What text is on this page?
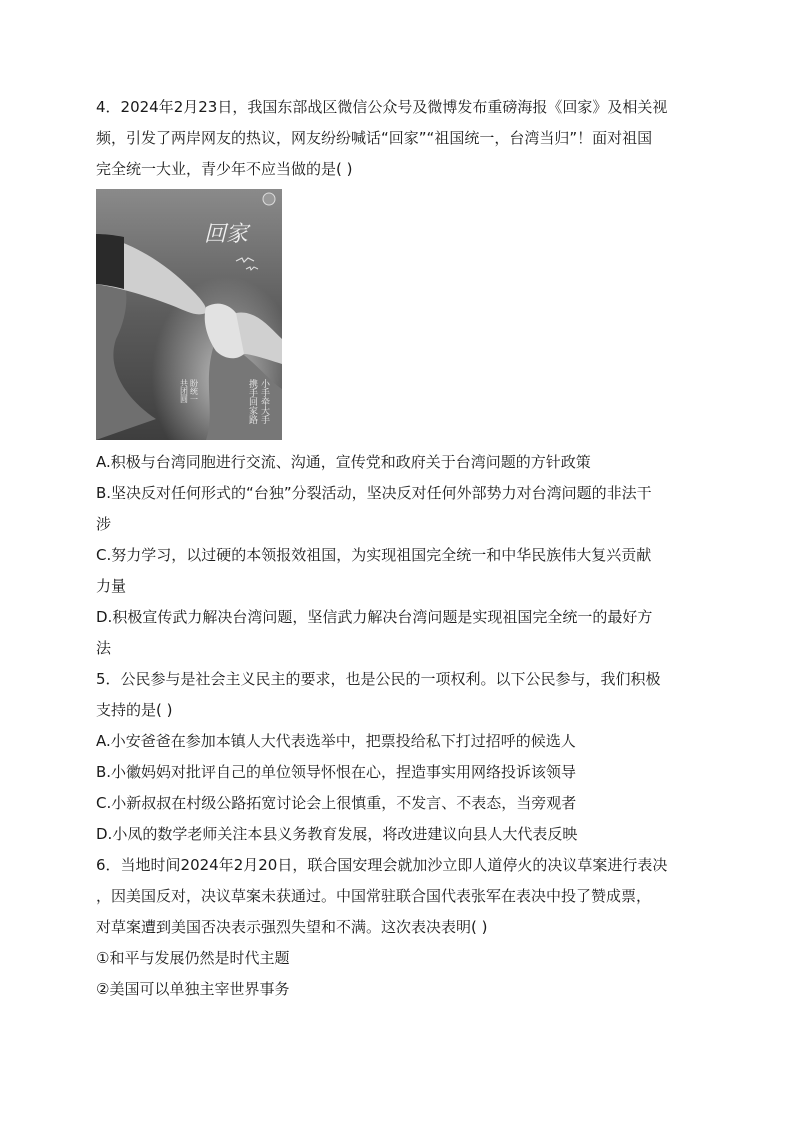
4．2024年2月23日，我国东部战区微信公众号及微博发布重磅海报《回家》及相关视
频，引发了两岸网友的热议，网友纷纷喊话“回家”“祖国统一，台湾当归”！面对祖国
完全统一大业，青少年不应当做的是( )
回家
小手牵大手
携手回家路
盼统一
共团圆
A.积极与台湾同胞进行交流、沟通，宣传党和政府关于台湾问题的方针政策
B.坚决反对任何形式的“台独”分裂活动，坚决反对任何外部势力对台湾问题的非法干
涉
C.努力学习，以过硬的本领报效祖国，为实现祖国完全统一和中华民族伟大复兴贡献
力量
D.积极宣传武力解决台湾问题，坚信武力解决台湾问题是实现祖国完全统一的最好方
法
5．公民参与是社会主义民主的要求，也是公民的一项权利。以下公民参与，我们积极
支持的是( )
A.小安爸爸在参加本镇人大代表选举中，把票投给私下打过招呼的候选人
B.小徽妈妈对批评自己的单位领导怀恨在心，捏造事实用网络投诉该领导
C.小新叔叔在村级公路拓宽讨论会上很慎重，不发言、不表态，当旁观者
D.小凤的数学老师关注本县义务教育发展，将改进建议向县人大代表反映
6．当地时间2024年2月20日，联合国安理会就加沙立即人道停火的决议草案进行表决
，因美国反对，决议草案未获通过。中国常驻联合国代表张军在表决中投了赞成票，
对草案遭到美国否决表示强烈失望和不满。这次表决表明( )
①和平与发展仍然是时代主题
②美国可以单独主宰世界事务
